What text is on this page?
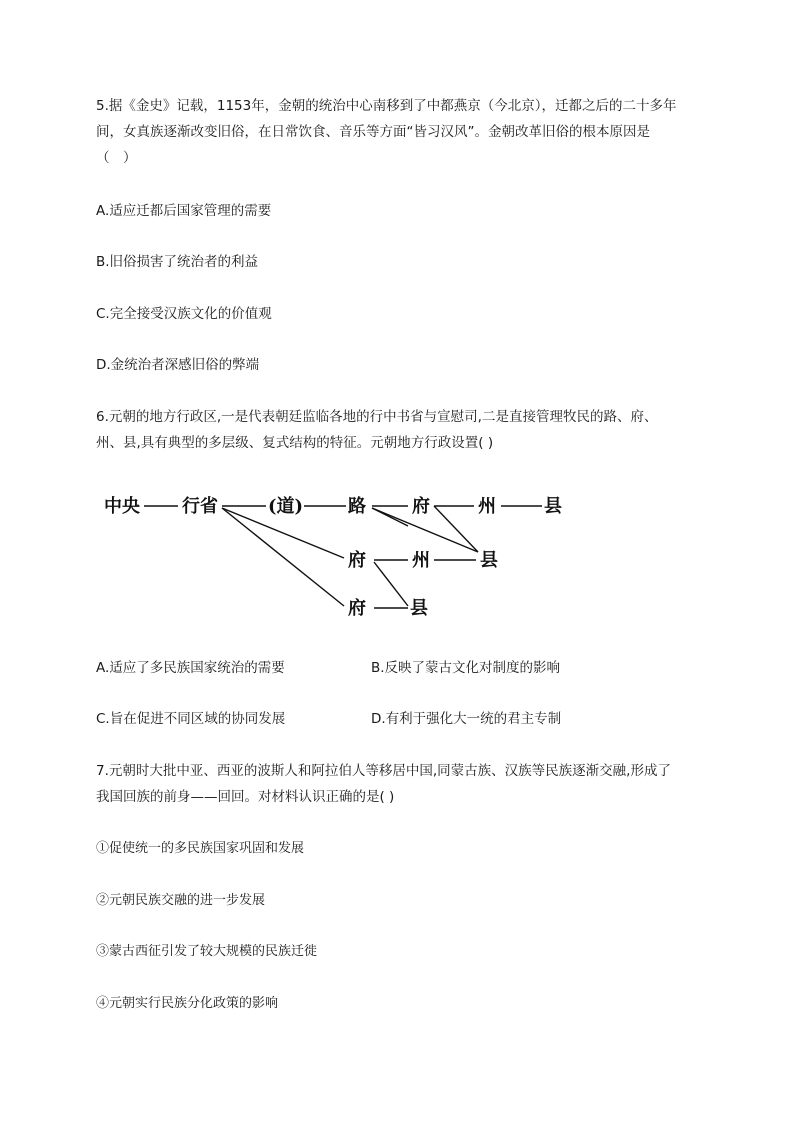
5.据《金史》记载，1153年，金朝的统治中心南移到了中都燕京（今北京），迁都之后的二十多年
间，女真族逐渐改变旧俗，在日常饮食、音乐等方面“皆习汉风”。金朝改革旧俗的根本原因是
（　）
A.适应迁都后国家管理的需要
B.旧俗损害了统治者的利益
C.完全接受汉族文化的价值观
D.金统治者深感旧俗的弊端
6.元朝的地方行政区,一是代表朝廷监临各地的行中书省与宣慰司,二是直接管理牧民的路、府、
州、县,具有典型的多层级、复式结构的特征。元朝地方行政设置( )
中央 行省	(道) 路	府	州	县
府	州	县
府 县
A.适应了多民族国家统治的需要	B.反映了蒙古文化对制度的影响
C.旨在促进不同区域的协同发展	D.有利于强化大一统的君主专制
7.元朝时大批中亚、西亚的波斯人和阿拉伯人等移居中国,同蒙古族、汉族等民族逐渐交融,形成了
我国回族的前身——回回。对材料认识正确的是( )
①促使统一的多民族国家巩固和发展
②元朝民族交融的进一步发展
③蒙古西征引发了较大规模的民族迁徙
④元朝实行民族分化政策的影响
